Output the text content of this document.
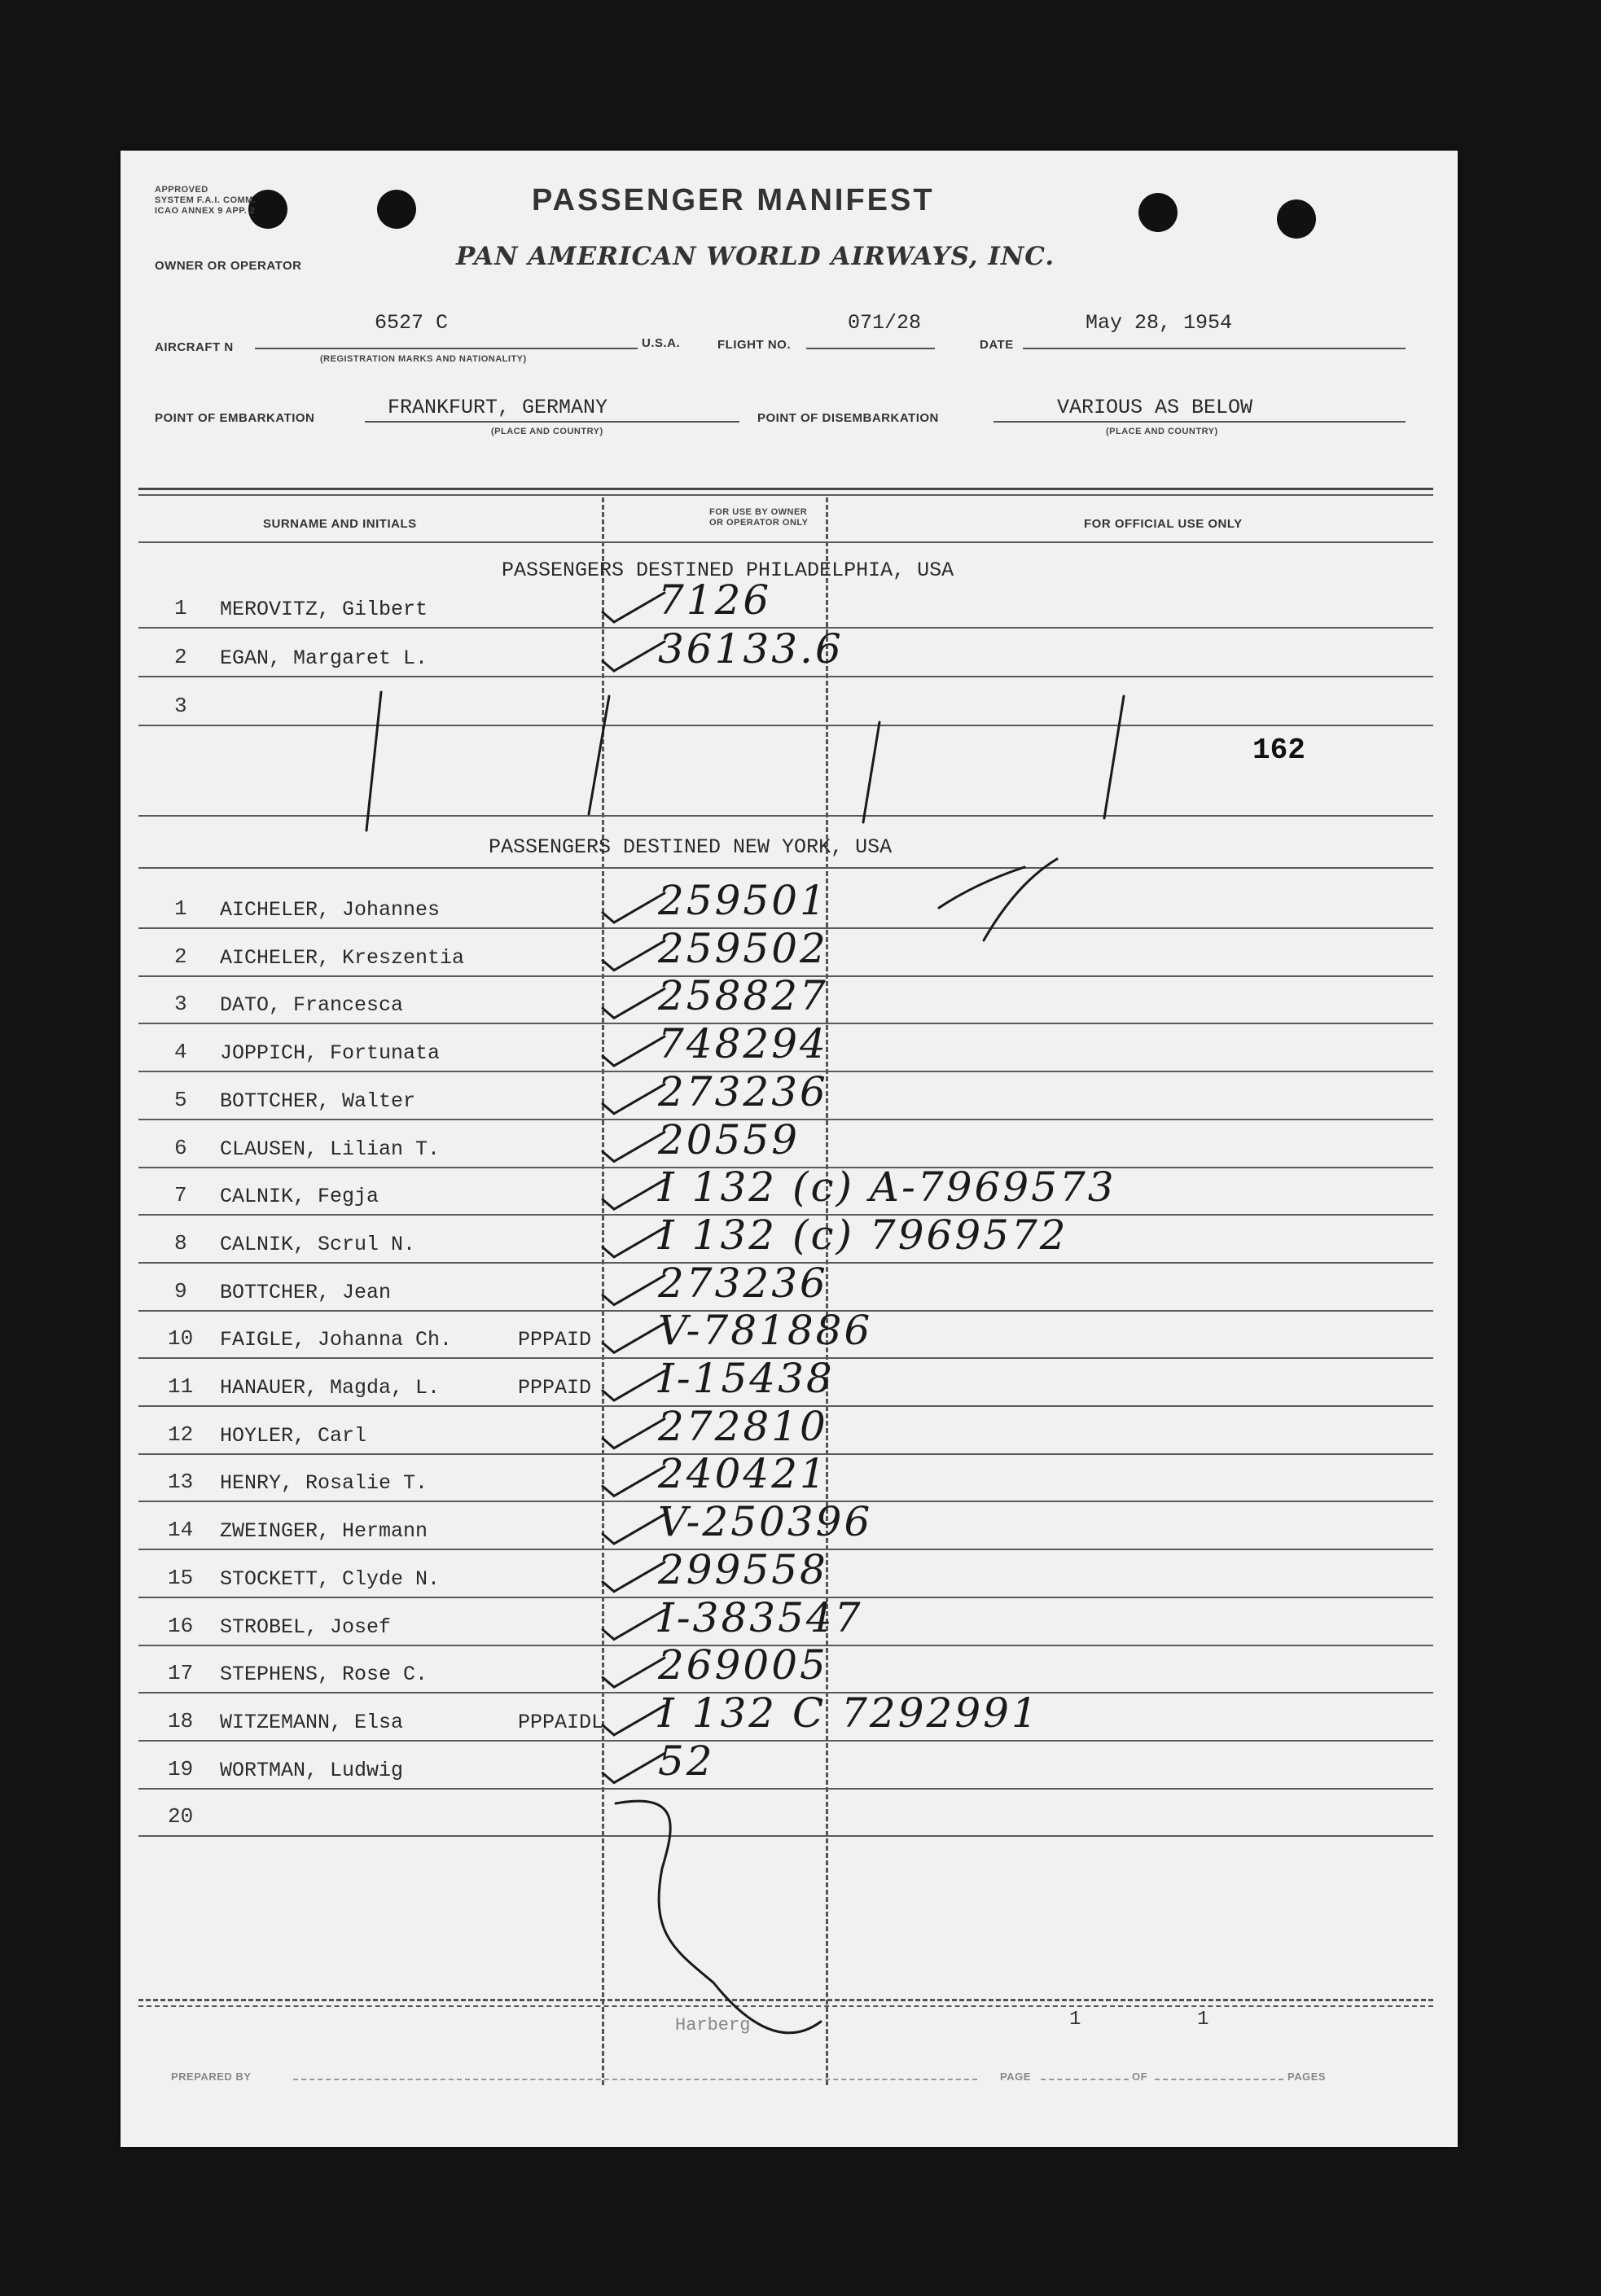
APPROVED
SYSTEM F.A.I. COMM.
ICAO ANNEX 9 APP. 2	PASSENGER MANIFEST
OWNER OR OPERATOR	PAN AMERICAN WORLD AIRWAYS, INC.
AIRCRAFT N
6527 C
(REGISTRATION MARKS AND NATIONALITY)
U.S.A.	FLIGHT NO.
071/28
DATE
May 28, 1954
POINT OF EMBARKATION	FRANKFURT, GERMANY
(PLACE AND COUNTRY)
POINT OF DISEMBARKATION	VARIOUS AS BELOW
(PLACE AND COUNTRY)
SURNAME AND INITIALS
FOR USE BY OWNER
OR OPERATOR ONLY	FOR OFFICIAL USE ONLY
PASSENGERS DESTINED PHILADELPHIA, USA
1 MEROVITZ, Gilbert	7126
2 EGAN, Margaret L.	36133.6
3
162
PASSENGERS DESTINED NEW YORK, USA
1 AICHELER, Johannes	259501
2 AICHELER, Kreszentia	259502
3 DATO, Francesca	258827
4 JOPPICH, Fortunata	748294
5 BOTTCHER, Walter	273236
6 CLAUSEN, Lilian T.	20559
7 CALNIK, Fegja	I 132 (c) A-7969573
8 CALNIK, Scrul N.	I 132 (c) 7969572
9 BOTTCHER, Jean	273236
10 FAIGLE, Johanna Ch.	PPPAID V-781886
11 HANAUER, Magda, L.	PPPAID I-15438
12 HOYLER, Carl	272810
13 HENRY, Rosalie T.	240421
14 ZWEINGER, Hermann	V-250396
15 STOCKETT, Clyde N.	299558
16 STROBEL, Josef	I-383547
17 STEPHENS, Rose C.	269005
18 WITZEMANN, Elsa	PPPAIDL I 132 C 7292991
19 WORTMAN, Ludwig	52
20
Harberg	1	1
PREPARED BY	PAGE	OF	PAGES
